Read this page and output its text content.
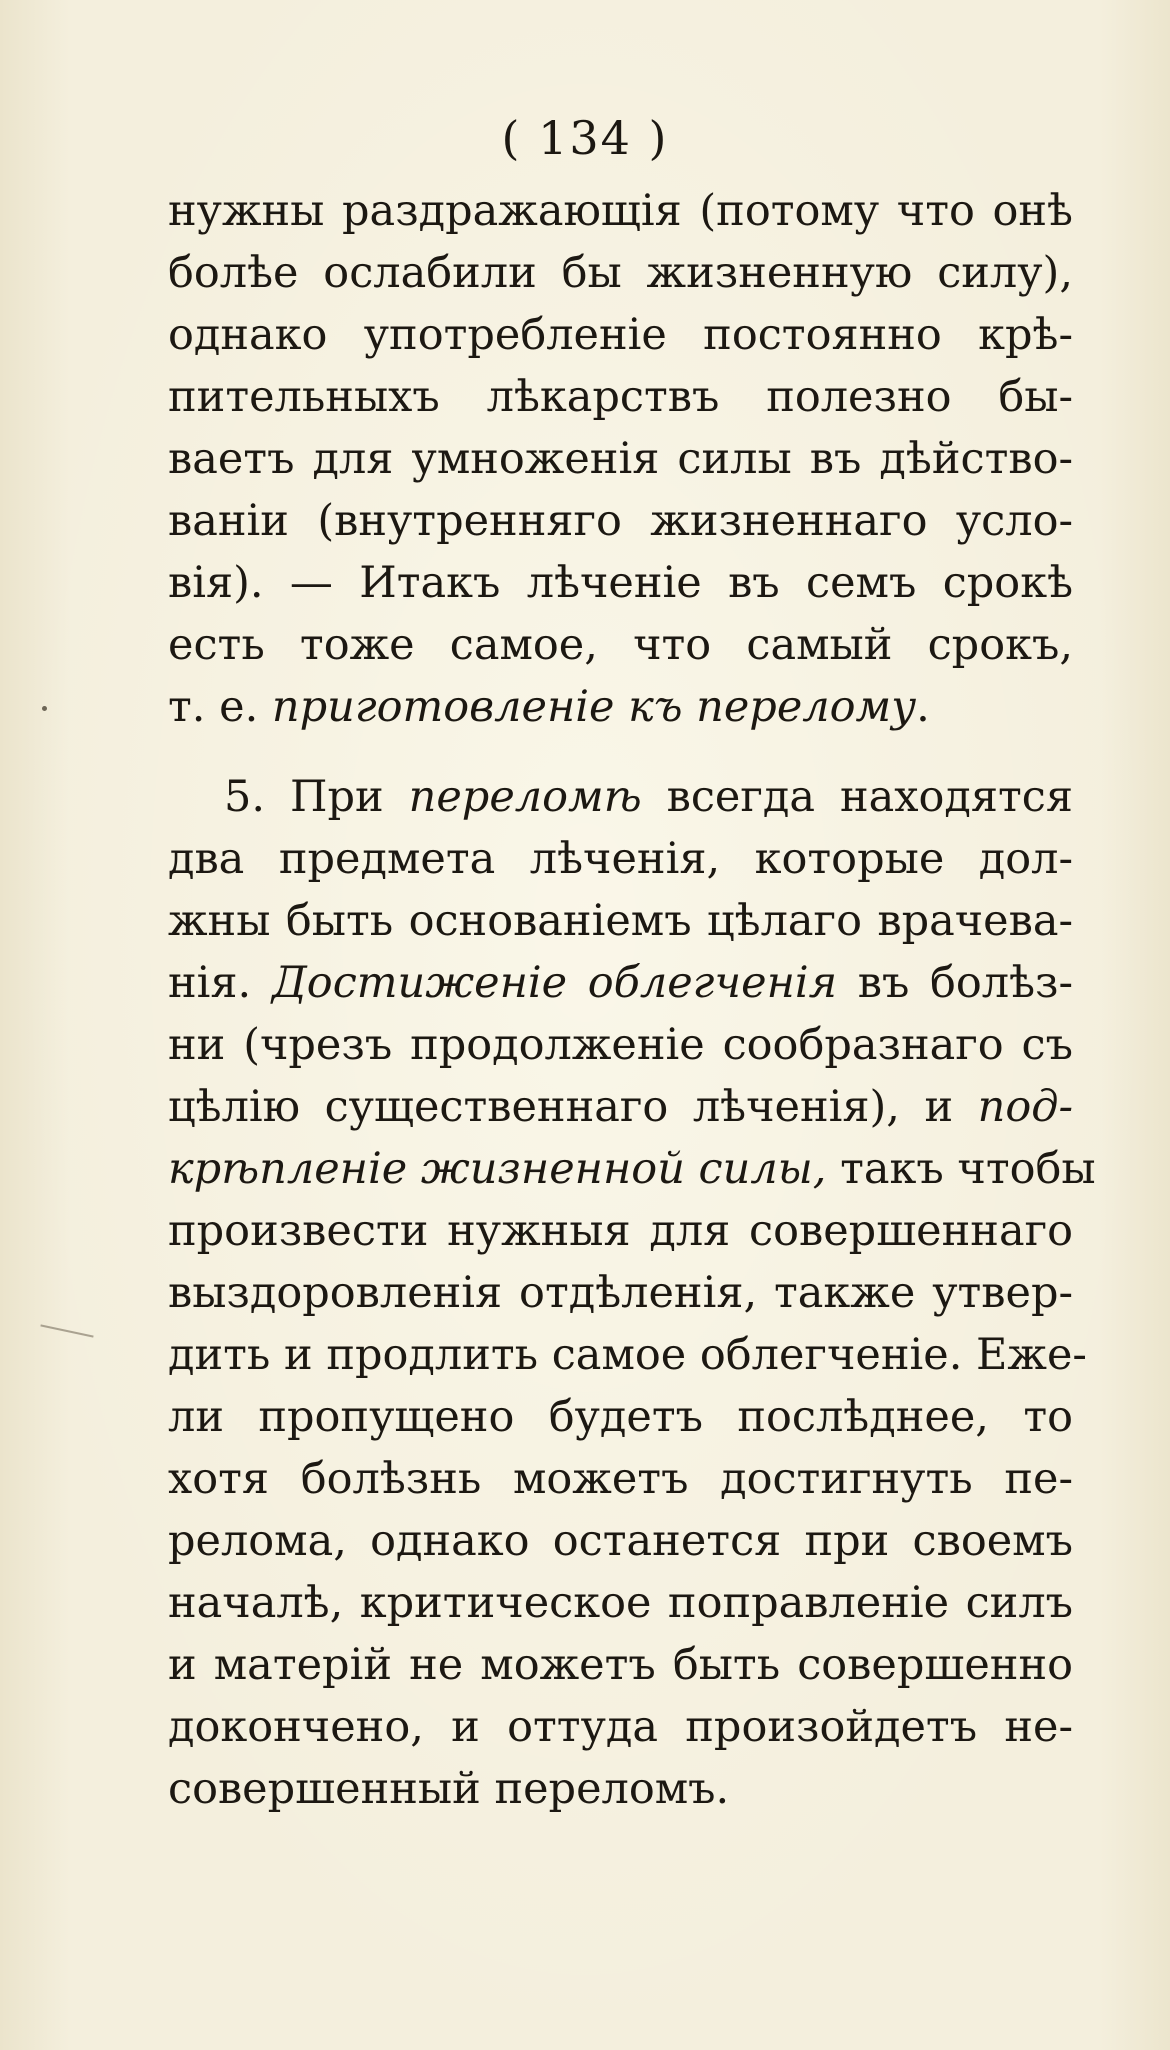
( 134 )
нужны раздражающія (потому что онѣ
болѣе ослабили бы жизненную силу),
однако употребленіе постоянно крѣ-
пительныхъ лѣкарствъ полезно бы-
ваетъ для умноженія силы въ дѣйство-
ваніи (внутренняго жизненнаго усло-
вія). — Итакъ лѣченіе въ семъ срокѣ
есть тоже самое, что самый срокъ,
т. е. приготовленіе къ перелому.
5. При переломѣ всегда находятся
два предмета лѣченія, которые дол-
жны быть основаніемъ цѣлаго врачева-
нія. Достиженіе облегченія въ болѣз-
ни (чрезъ продолженіе сообразнаго съ
цѣлію существеннаго лѣченія), и под-
крѣпленіе жизненной силы, такъ чтобы
произвести нужныя для совершеннаго
выздоровленія отдѣленія, также утвер-
дить и продлить самое облегченіе. Еже-
ли пропущено будетъ послѣднее, то
хотя болѣзнь можетъ достигнуть пе-
релома, однако останется при своемъ
началѣ, критическое поправленіе силъ
и матерій не можетъ быть совершенно
докончено, и оттуда произойдетъ не-
совершенный переломъ.
